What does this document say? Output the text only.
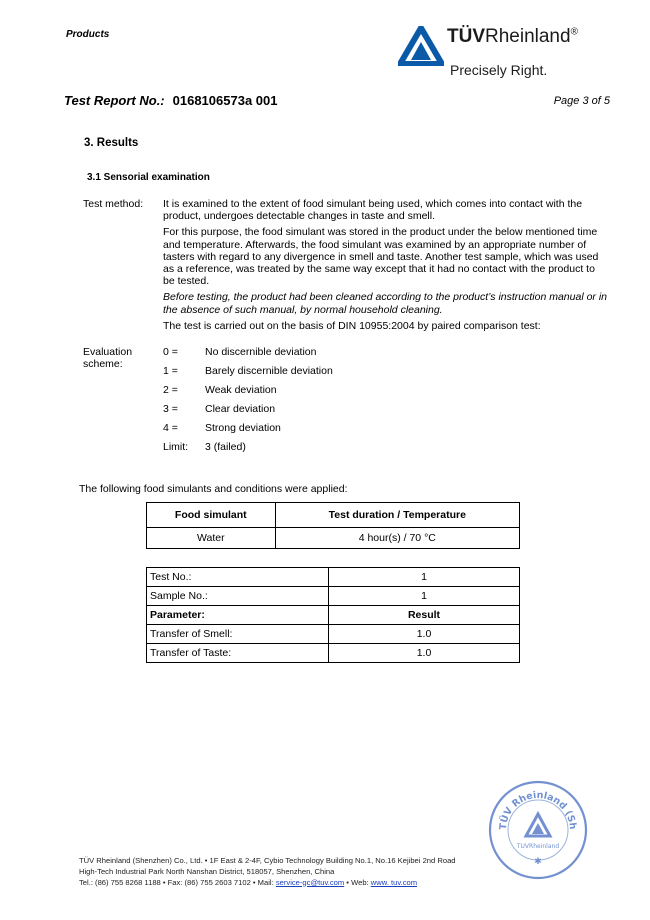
Products	TÜVRheinland®
Precisely Right.
Test Report No.: 0168106573a 001	Page 3 of 5
3. Results
3.1 Sensorial examination
Test method: It is examined to the extent of food simulant being used, which comes into contact with the product, undergoes detectable changes in taste and smell.

For this purpose, the food simulant was stored in the product under the below mentioned time and temperature. Afterwards, the food simulant was examined by an appropriate number of tasters with regard to any divergence in smell and taste. Another test sample, which was used as a reference, was treated by the same way except that it had no contact with the product to be tested.

Before testing, the product had been cleaned according to the product’s instruction manual or in the absence of such manual, by normal household cleaning.

The test is carried out on the basis of DIN 10955:2004 by paired comparison test:

Evaluation
scheme:
0 =	No discernible deviation
1 =	Barely discernible deviation
2 =	Weak deviation
3 =	Clear deviation
4 =	Strong deviation
Limit: 3 (failed)
The following food simulants and conditions were applied:
Food simulant	Test duration / Temperature
Water	4 hour(s) / 70 °C
Test No.:	1
Sample No.:	1
Parameter:	Result
Transfer of Smell:	1.0
Transfer of Taste:	1.0
TÜV Rheinland (Sh
TÜVRheinland
✱
TÜV Rheinland (Shenzhen) Co., Ltd. • 1F East & 2-4F, Cybio Technology Building No.1, No.16 Kejibei 2nd Road
High-Tech Industrial Park North Nanshan District, 518057, Shenzhen, China
Tel.: (86) 755 8268 1188 • Fax: (86) 755 2603 7102 • Mail: service-gc@tuv.com • Web: www. tuv.com
